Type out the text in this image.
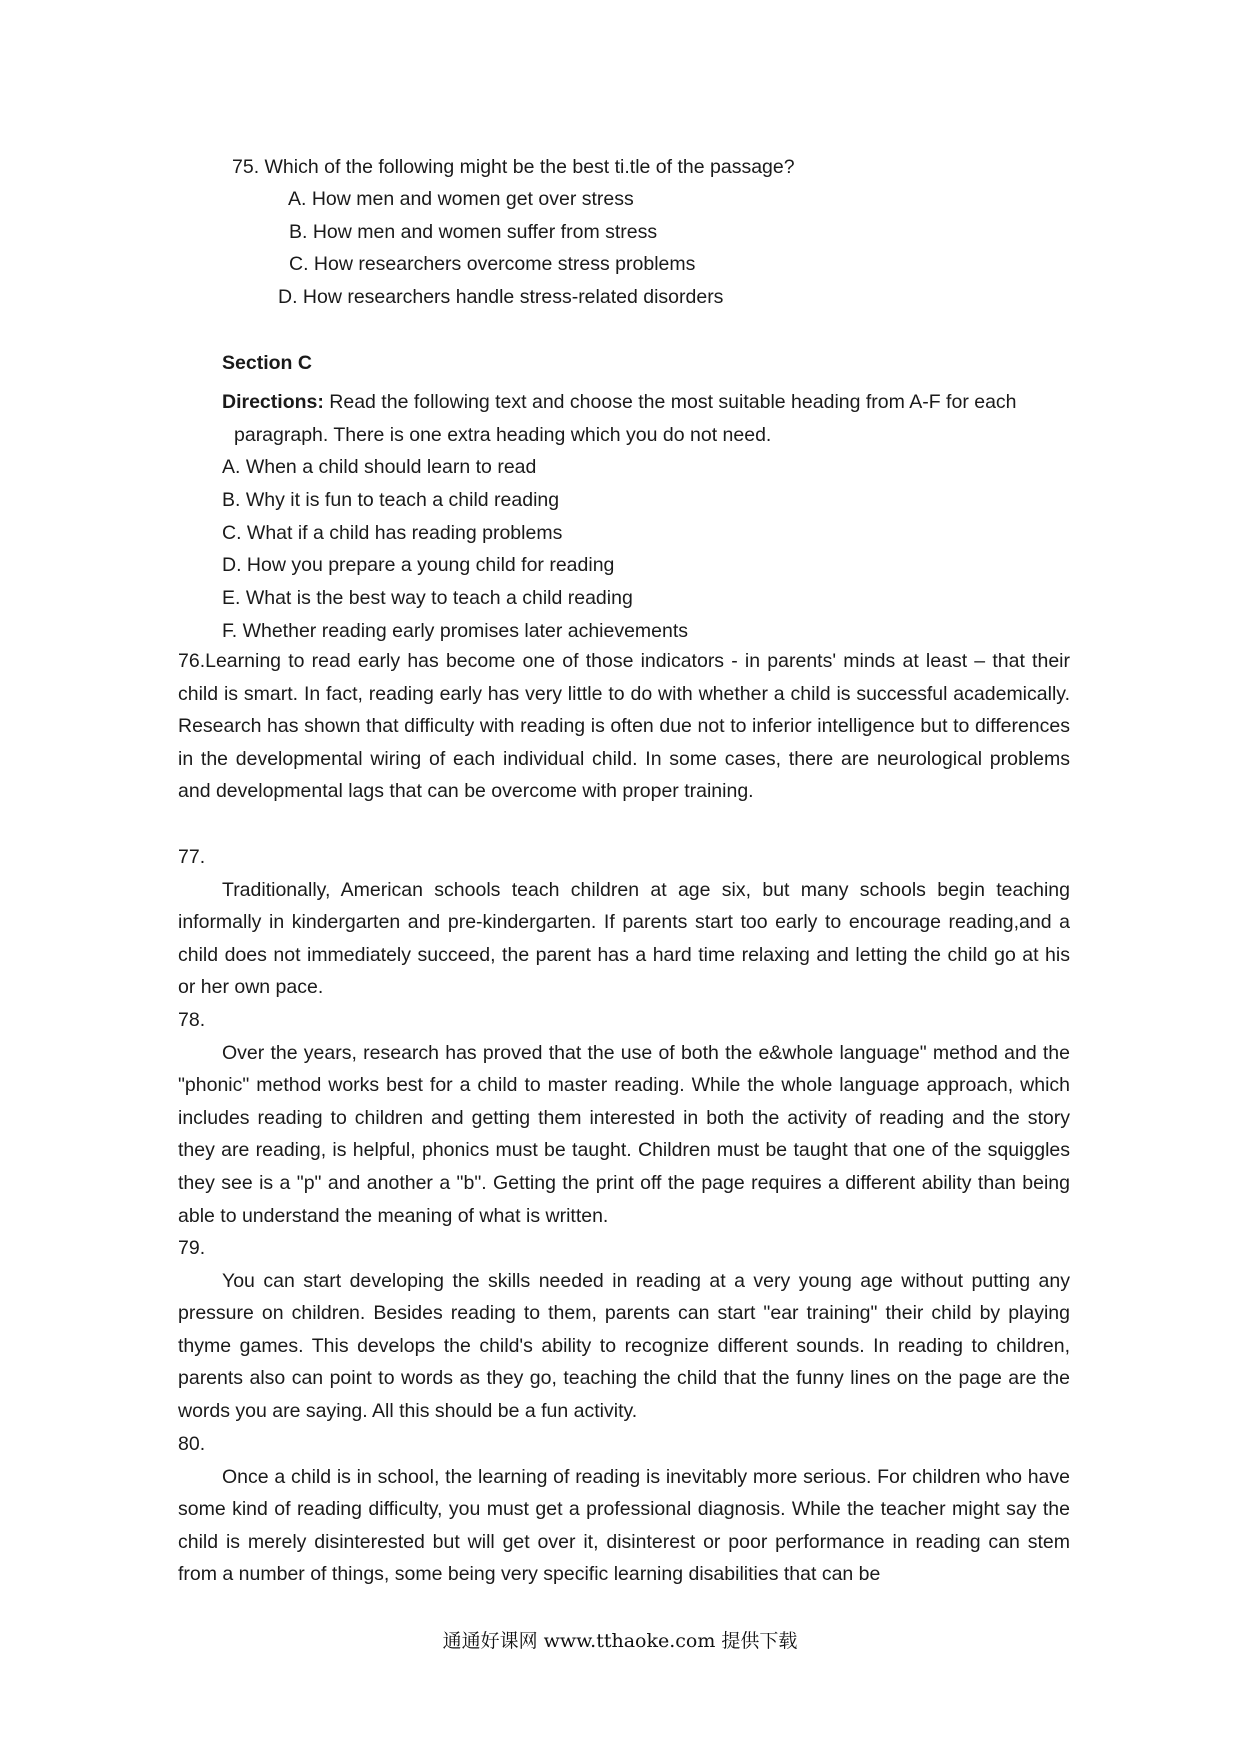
75. Which of the following might be the best ti.tle of the passage?
A. How men and women get over stress
B. How men and women suffer from stress
C. How researchers overcome stress problems
D. How researchers handle stress-related disorders
Section C
Directions: Read the following text and choose the most suitable heading from A-F for each
paragraph. There is one extra heading which you do not need.
A. When a child should learn to read
B. Why it is fun to teach a child reading
C. What if a child has reading problems
D. How you prepare a young child for reading
E. What is the best way to teach a child reading
F. Whether reading early promises later achievements
76.Learning to read early has become one of those indicators - in parents' minds at least – that their child is smart. In fact, reading early has very little to do with whether a child is successful academically. Research has shown that difficulty with reading is often due not to inferior intelligence but to differences in the developmental wiring of each individual child. In some cases, there are neurological problems and developmental lags that can be overcome with proper training.
77.
Traditionally, American schools teach children at age six, but many schools begin teaching informally in kindergarten and pre-kindergarten. If parents start too early to encourage reading,and a child does not immediately succeed, the parent has a hard time relaxing and letting the child go at his or her own pace.
78.
Over the years, research has proved that the use of both the e&whole language" method and the "phonic" method works best for a child to master reading. While the whole language approach, which includes reading to children and getting them interested in both the activity of reading and the story they are reading, is helpful, phonics must be taught. Children must be taught that one of the squiggles they see is a "p" and another a "b". Getting the print off the page requires a different ability than being able to understand the meaning of what is written.
79.
You can start developing the skills needed in reading at a very young age without putting any pressure on children. Besides reading to them, parents can start "ear training" their child by playing thyme games. This develops the child's ability to recognize different sounds. In reading to children, parents also can point to words as they go, teaching the child that the funny lines on the page are the words you are saying. All this should be a fun activity.
80.
Once a child is in school, the learning of reading is inevitably more serious. For children who have some kind of reading difficulty, you must get a professional diagnosis. While the teacher might say the child is merely disinterested but will get over it, disinterest or poor performance in reading can stem from a number of things, some being very specific learning disabilities that can be
通通好课网 www.tthaoke.com 提供下载
